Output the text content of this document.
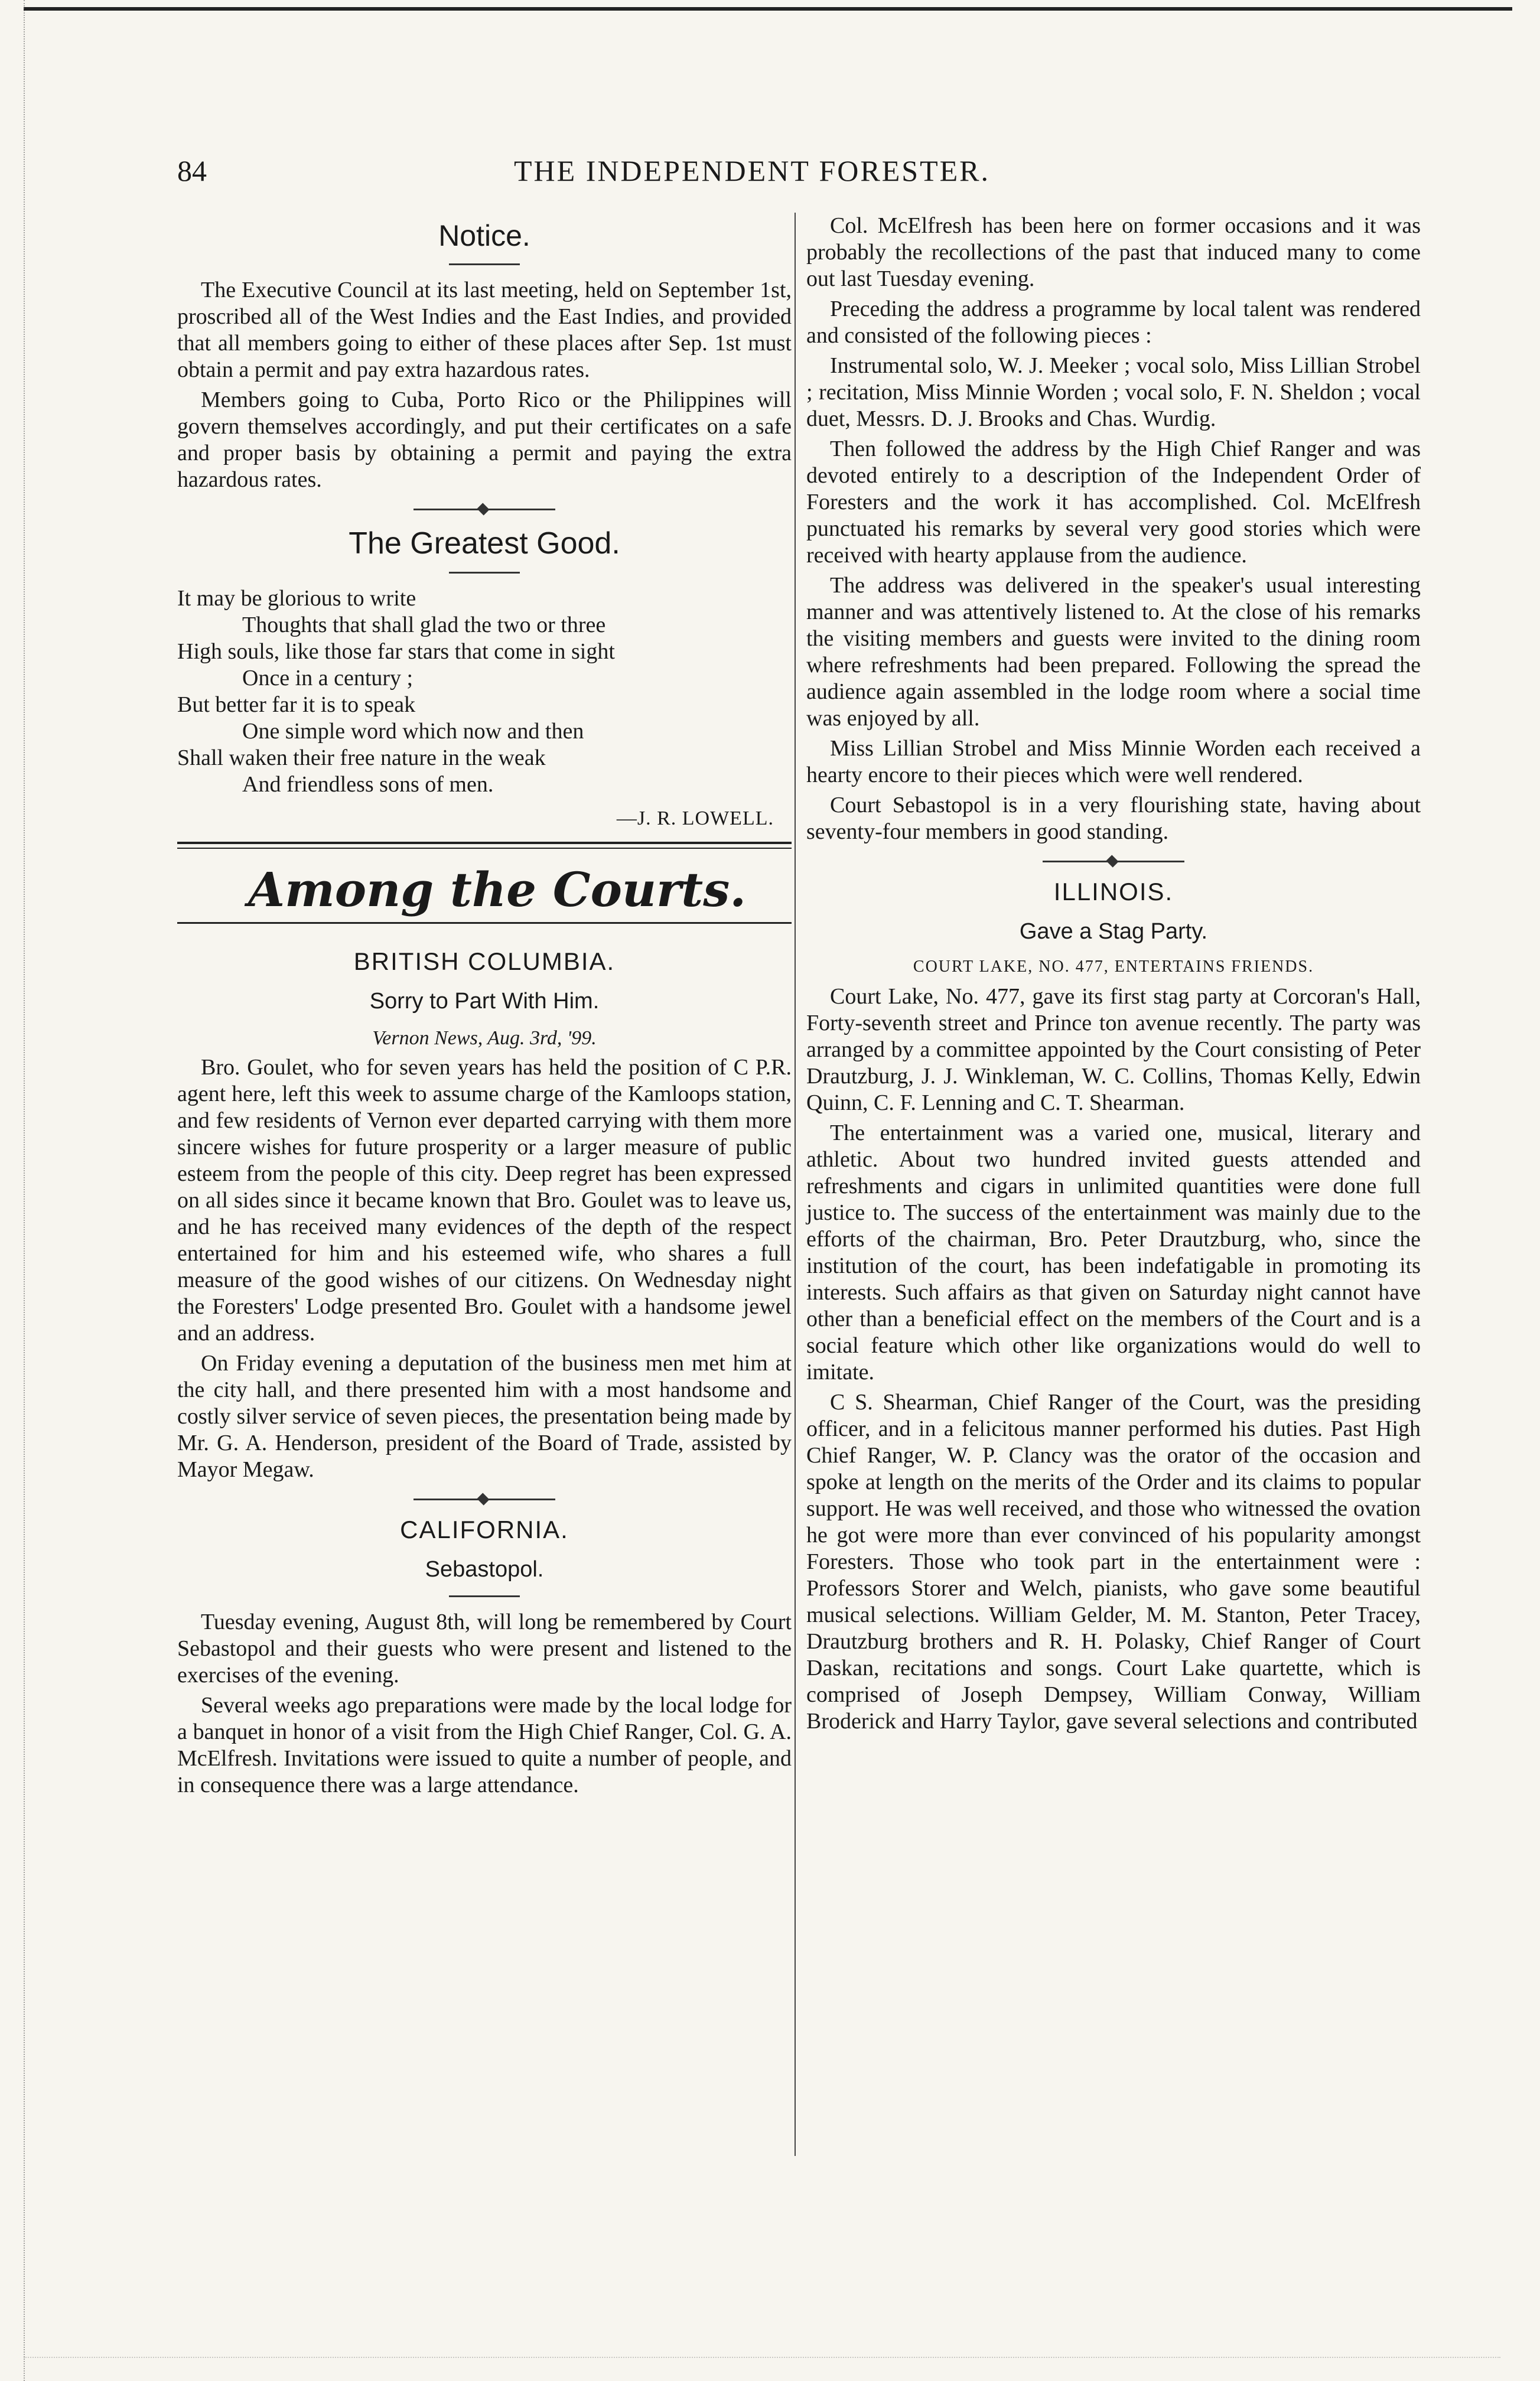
84	THE INDEPENDENT FORESTER.
Notice.

The Executive Council at its last meeting, held on September 1st, proscribed all of the West Indies and the East Indies, and provided that all members going to either of these places after Sep. 1st must obtain a permit and pay extra hazardous rates.

Members going to Cuba, Porto Rico or the Philippines will govern themselves accordingly, and put their certificates on a safe and proper basis by obtaining a permit and paying the extra hazardous rates.

The Greatest Good.
It may be glorious to write
Thoughts that shall glad the two or three
High souls, like those far stars that come in sight
Once in a century ;
But better far it is to speak
One simple word which now and then
Shall waken their free nature in the weak
And friendless sons of men.
—J. R. LOWELL.
Among the Courts.
BRITISH COLUMBIA.
Sorry to Part With Him.
Vernon News, Aug. 3rd, '99.

Bro. Goulet, who for seven years has held the position of C P.R. agent here, left this week to assume charge of the Kamloops station, and few residents of Vernon ever departed carrying with them more sincere wishes for future prosperity or a larger measure of public esteem from the people of this city. Deep regret has been expressed on all sides since it became known that Bro. Goulet was to leave us, and he has received many evidences of the depth of the respect entertained for him and his esteemed wife, who shares a full measure of the good wishes of our citizens. On Wednesday night the Foresters' Lodge presented Bro. Goulet with a handsome jewel and an address.

On Friday evening a deputation of the business men met him at the city hall, and there presented him with a most handsome and costly silver service of seven pieces, the presentation being made by Mr. G. A. Henderson, president of the Board of Trade, assisted by Mayor Megaw.

CALIFORNIA.
Sebastopol.

Tuesday evening, August 8th, will long be remembered by Court Sebastopol and their guests who were present and listened to the exercises of the evening.

Several weeks ago preparations were made by the local lodge for a banquet in honor of a visit from the High Chief Ranger, Col. G. A. McElfresh. Invitations were issued to quite a number of people, and in consequence there was a large attendance.

Col. McElfresh has been here on former occasions and it was probably the recollections of the past that induced many to come out last Tuesday evening.

Preceding the address a programme by local talent was rendered and consisted of the following pieces :

Instrumental solo, W. J. Meeker ; vocal solo, Miss Lillian Strobel ; recitation, Miss Minnie Worden ; vocal solo, F. N. Sheldon ; vocal duet, Messrs. D. J. Brooks and Chas. Wurdig.

Then followed the address by the High Chief Ranger and was devoted entirely to a description of the Independent Order of Foresters and the work it has accomplished. Col. McElfresh punctuated his remarks by several very good stories which were received with hearty applause from the audience.

The address was delivered in the speaker's usual interesting manner and was attentively listened to. At the close of his remarks the visiting members and guests were invited to the dining room where refreshments had been prepared. Following the spread the audience again assembled in the lodge room where a social time was enjoyed by all.

Miss Lillian Strobel and Miss Minnie Worden each received a hearty encore to their pieces which were well rendered.

Court Sebastopol is in a very flourishing state, having about seventy-four members in good standing.

ILLINOIS.
Gave a Stag Party.
COURT LAKE, NO. 477, ENTERTAINS FRIENDS.

Court Lake, No. 477, gave its first stag party at Corcoran's Hall, Forty-seventh street and Prince ton avenue recently. The party was arranged by a committee appointed by the Court consisting of Peter Drautzburg, J. J. Winkleman, W. C. Collins, Thomas Kelly, Edwin Quinn, C. F. Lenning and C. T. Shearman.

The entertainment was a varied one, musical, literary and athletic. About two hundred invited guests attended and refreshments and cigars in unlimited quantities were done full justice to. The success of the entertainment was mainly due to the efforts of the chairman, Bro. Peter Drautzburg, who, since the institution of the court, has been indefatigable in promoting its interests. Such affairs as that given on Saturday night cannot have other than a beneficial effect on the members of the Court and is a social feature which other like organizations would do well to imitate.

C S. Shearman, Chief Ranger of the Court, was the presiding officer, and in a felicitous manner performed his duties. Past High Chief Ranger, W. P. Clancy was the orator of the occasion and spoke at length on the merits of the Order and its claims to popular support. He was well received, and those who witnessed the ovation he got were more than ever convinced of his popularity amongst Foresters. Those who took part in the entertainment were : Professors Storer and Welch, pianists, who gave some beautiful musical selections. William Gelder, M. M. Stanton, Peter Tracey, Drautzburg brothers and R. H. Polasky, Chief Ranger of Court Daskan, recitations and songs. Court Lake quartette, which is comprised of Joseph Dempsey, William Conway, William Broderick and Harry Taylor, gave several selections and contributed
